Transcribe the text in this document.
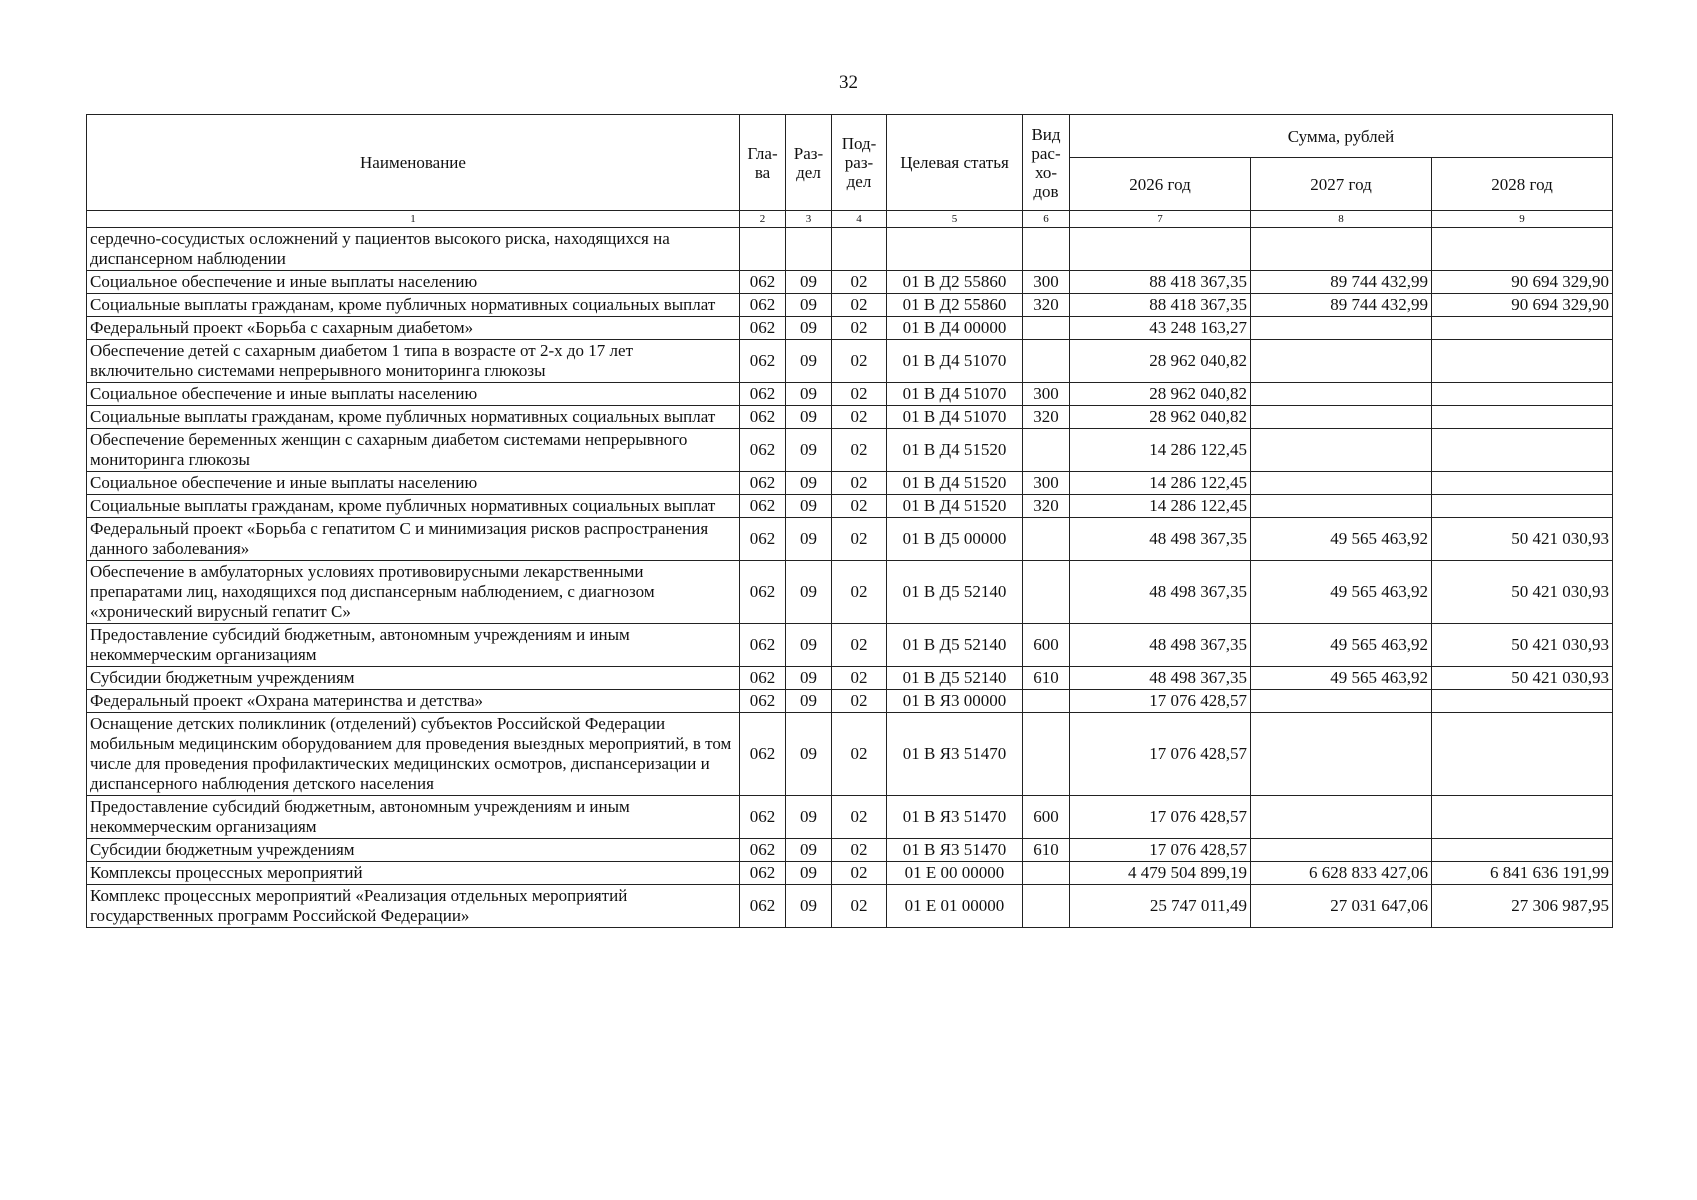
32
Наименование	Гла-ва	Раз-дел	Под-раз-дел	Целевая статья	Вид рас-хо-дов	Сумма, рублей		
						2026 год	2027 год	2028 год
1	2	3	4	5	6	7	8	9
сердечно-сосудистых осложнений у пациентов высокого риска, находящихся на диспансерном наблюдении								
Социальное обеспечение и иные выплаты населению	062	09	02	01 В Д2 55860	300	88 418 367,35	89 744 432,99	90 694 329,90
Социальные выплаты гражданам, кроме публичных нормативных социальных выплат	062	09	02	01 В Д2 55860	320	88 418 367,35	89 744 432,99	90 694 329,90
Федеральный проект «Борьба с сахарным диабетом»	062	09	02	01 В Д4 00000		43 248 163,27		
Обеспечение детей с сахарным диабетом 1 типа в возрасте от 2-х до 17 лет включительно системами непрерывного мониторинга глюкозы	062	09	02	01 В Д4 51070		28 962 040,82		
Социальное обеспечение и иные выплаты населению	062	09	02	01 В Д4 51070	300	28 962 040,82		
Социальные выплаты гражданам, кроме публичных нормативных социальных выплат	062	09	02	01 В Д4 51070	320	28 962 040,82		
Обеспечение беременных женщин с сахарным диабетом системами непрерывного мониторинга глюкозы	062	09	02	01 В Д4 51520		14 286 122,45		
Социальное обеспечение и иные выплаты населению	062	09	02	01 В Д4 51520	300	14 286 122,45		
Социальные выплаты гражданам, кроме публичных нормативных социальных выплат	062	09	02	01 В Д4 51520	320	14 286 122,45		
Федеральный проект «Борьба с гепатитом С и минимизация рисков распространения данного заболевания»	062	09	02	01 В Д5 00000		48 498 367,35	49 565 463,92	50 421 030,93
Обеспечение в амбулаторных условиях противовирусными лекарственными препаратами лиц, находящихся под диспансерным наблюдением, с диагнозом «хронический вирусный гепатит С»	062	09	02	01 В Д5 52140		48 498 367,35	49 565 463,92	50 421 030,93
Предоставление субсидий бюджетным, автономным учреждениям и иным некоммерческим организациям	062	09	02	01 В Д5 52140	600	48 498 367,35	49 565 463,92	50 421 030,93
Субсидии бюджетным учреждениям	062	09	02	01 В Д5 52140	610	48 498 367,35	49 565 463,92	50 421 030,93
Федеральный проект «Охрана материнства и детства»	062	09	02	01 В Я3 00000		17 076 428,57		
Оснащение детских поликлиник (отделений) субъектов Российской Федерации мобильным медицинским оборудованием для проведения выездных мероприятий, в том числе для проведения профилактических медицинских осмотров, диспансеризации и диспансерного наблюдения детского населения	062	09	02	01 В Я3 51470		17 076 428,57		
Предоставление субсидий бюджетным, автономным учреждениям и иным некоммерческим организациям	062	09	02	01 В Я3 51470	600	17 076 428,57		
Субсидии бюджетным учреждениям	062	09	02	01 В Я3 51470	610	17 076 428,57		
Комплексы процессных мероприятий	062	09	02	01 Е 00 00000		4 479 504 899,19	6 628 833 427,06	6 841 636 191,99
Комплекс процессных мероприятий «Реализация отдельных мероприятий государственных программ Российской Федерации»	062	09	02	01 Е 01 00000		25 747 011,49	27 031 647,06	27 306 987,95
